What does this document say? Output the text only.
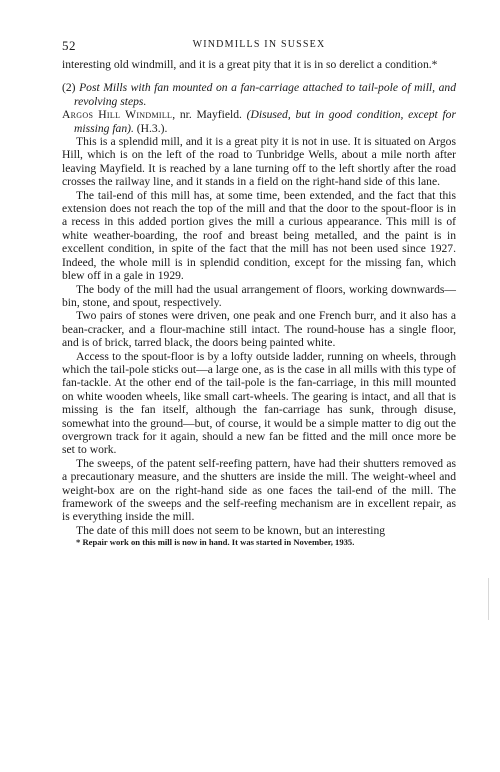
52	WINDMILLS IN SUSSEX

interesting old windmill, and it is a great pity that it is in so derelict a condition.*

(2) Post Mills with fan mounted on a fan-carriage attached to tail-pole of mill, and revolving steps.

Argos Hill Windmill, nr. Mayfield. (Disused, but in good condition, except for missing fan). (H.3.).

This is a splendid mill, and it is a great pity it is not in use. It is situated on Argos Hill, which is on the left of the road to Tunbridge Wells, about a mile north after leaving Mayfield. It is reached by a lane turning off to the left shortly after the road crosses the railway line, and it stands in a field on the right-hand side of this lane.

The tail-end of this mill has, at some time, been extended, and the fact that this extension does not reach the top of the mill and that the door to the spout-floor is in a recess in this added portion gives the mill a curious appearance. This mill is of white weather-boarding, the roof and breast being metalled, and the paint is in excellent condition, in spite of the fact that the mill has not been used since 1927. Indeed, the whole mill is in splendid condition, except for the missing fan, which blew off in a gale in 1929.

The body of the mill had the usual arrangement of floors, working downwards—bin, stone, and spout, respectively.

Two pairs of stones were driven, one peak and one French burr, and it also has a bean-cracker, and a flour-machine still intact. The round-house has a single floor, and is of brick, tarred black, the doors being painted white.

Access to the spout-floor is by a lofty outside ladder, running on wheels, through which the tail-pole sticks out—a large one, as is the case in all mills with this type of fan-tackle. At the other end of the tail-pole is the fan-carriage, in this mill mounted on white wooden wheels, like small cart-wheels. The gearing is intact, and all that is missing is the fan itself, although the fan-carriage has sunk, through disuse, somewhat into the ground—but, of course, it would be a simple matter to dig out the overgrown track for it again, should a new fan be fitted and the mill once more be set to work.

The sweeps, of the patent self-reefing pattern, have had their shutters removed as a precautionary measure, and the shutters are inside the mill. The weight-wheel and weight-box are on the right-hand side as one faces the tail-end of the mill. The framework of the sweeps and the self-reefing mechanism are in excellent repair, as is everything inside the mill.

The date of this mill does not seem to be known, but an interesting

* Repair work on this mill is now in hand. It was started in November, 1935.
